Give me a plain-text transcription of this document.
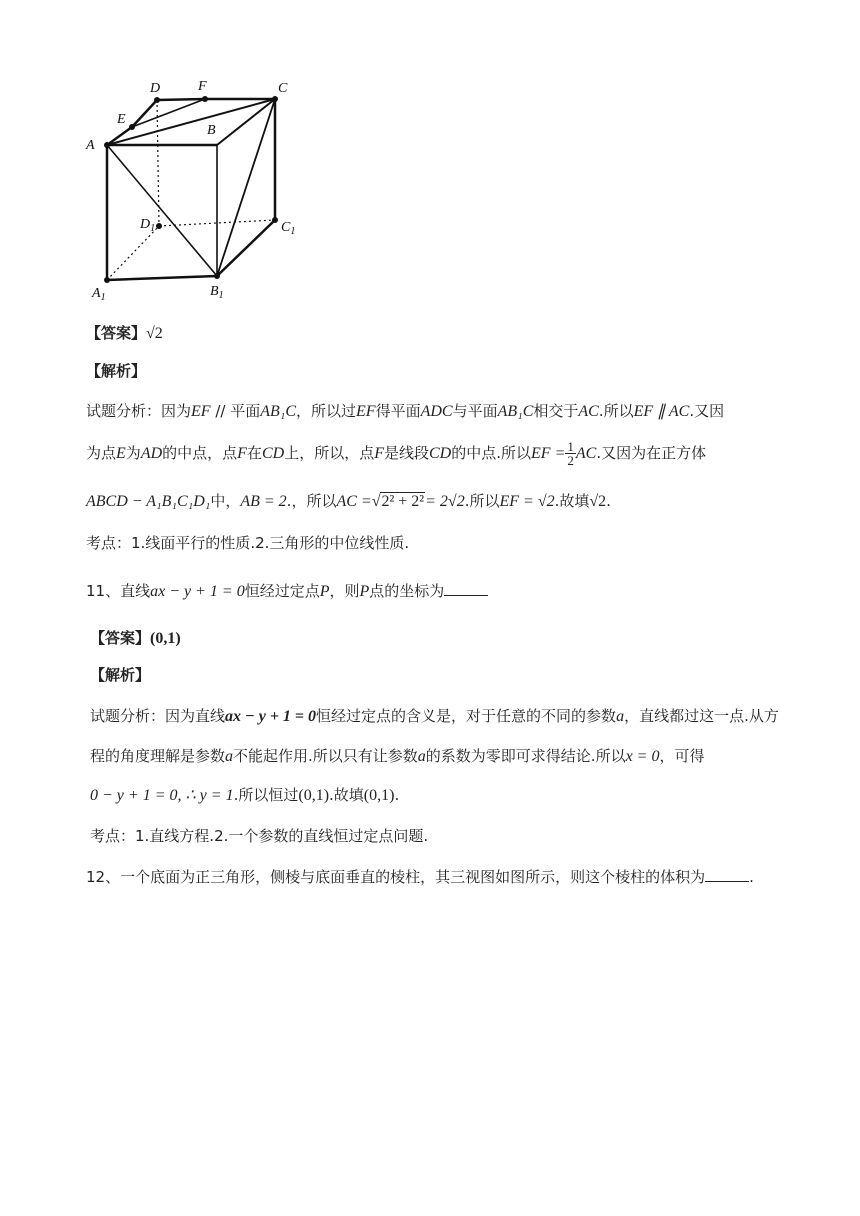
A
B
C
D
E
F
$D_1$	$C_1$
$A_1$	$B_1$
【答案】√2
【解析】
试题分析：因为EF // 平面AB₁C，所以过EF得平面ADC与平面AB₁C相交于AC.所以EF ∥ AC.又因
为点E为AD的中点，点F在CD上，所以，点F是线段CD的中点.所以EF = $\frac{1}{2}$ AC.又因为在正方体
ABCD − A₁B₁C₁D₁中，AB = 2.，所以AC =√2² + 2²= 2√2.所以EF = √2.故填√2.
考点：1.线面平行的性质.2.三角形的中位线性质.
11、直线ax − y + 1 = 0恒经过定点P，则P点的坐标为
【答案】(0,1)
【解析】
试题分析：因为直线ax − y + 1 = 0恒经过定点的含义是，对于任意的不同的参数a，直线都过这一点.从方
程的角度理解是参数a不能起作用.所以只有让参数a的系数为零即可求得结论.所以x = 0，可得
0 − y + 1 = 0, ∴ y = 1.所以恒过(0,1).故填(0,1).
考点：1.直线方程.2.一个参数的直线恒过定点问题.
12、一个底面为正三角形，侧棱与底面垂直的棱柱，其三视图如图所示，则这个棱柱的体积为	.
